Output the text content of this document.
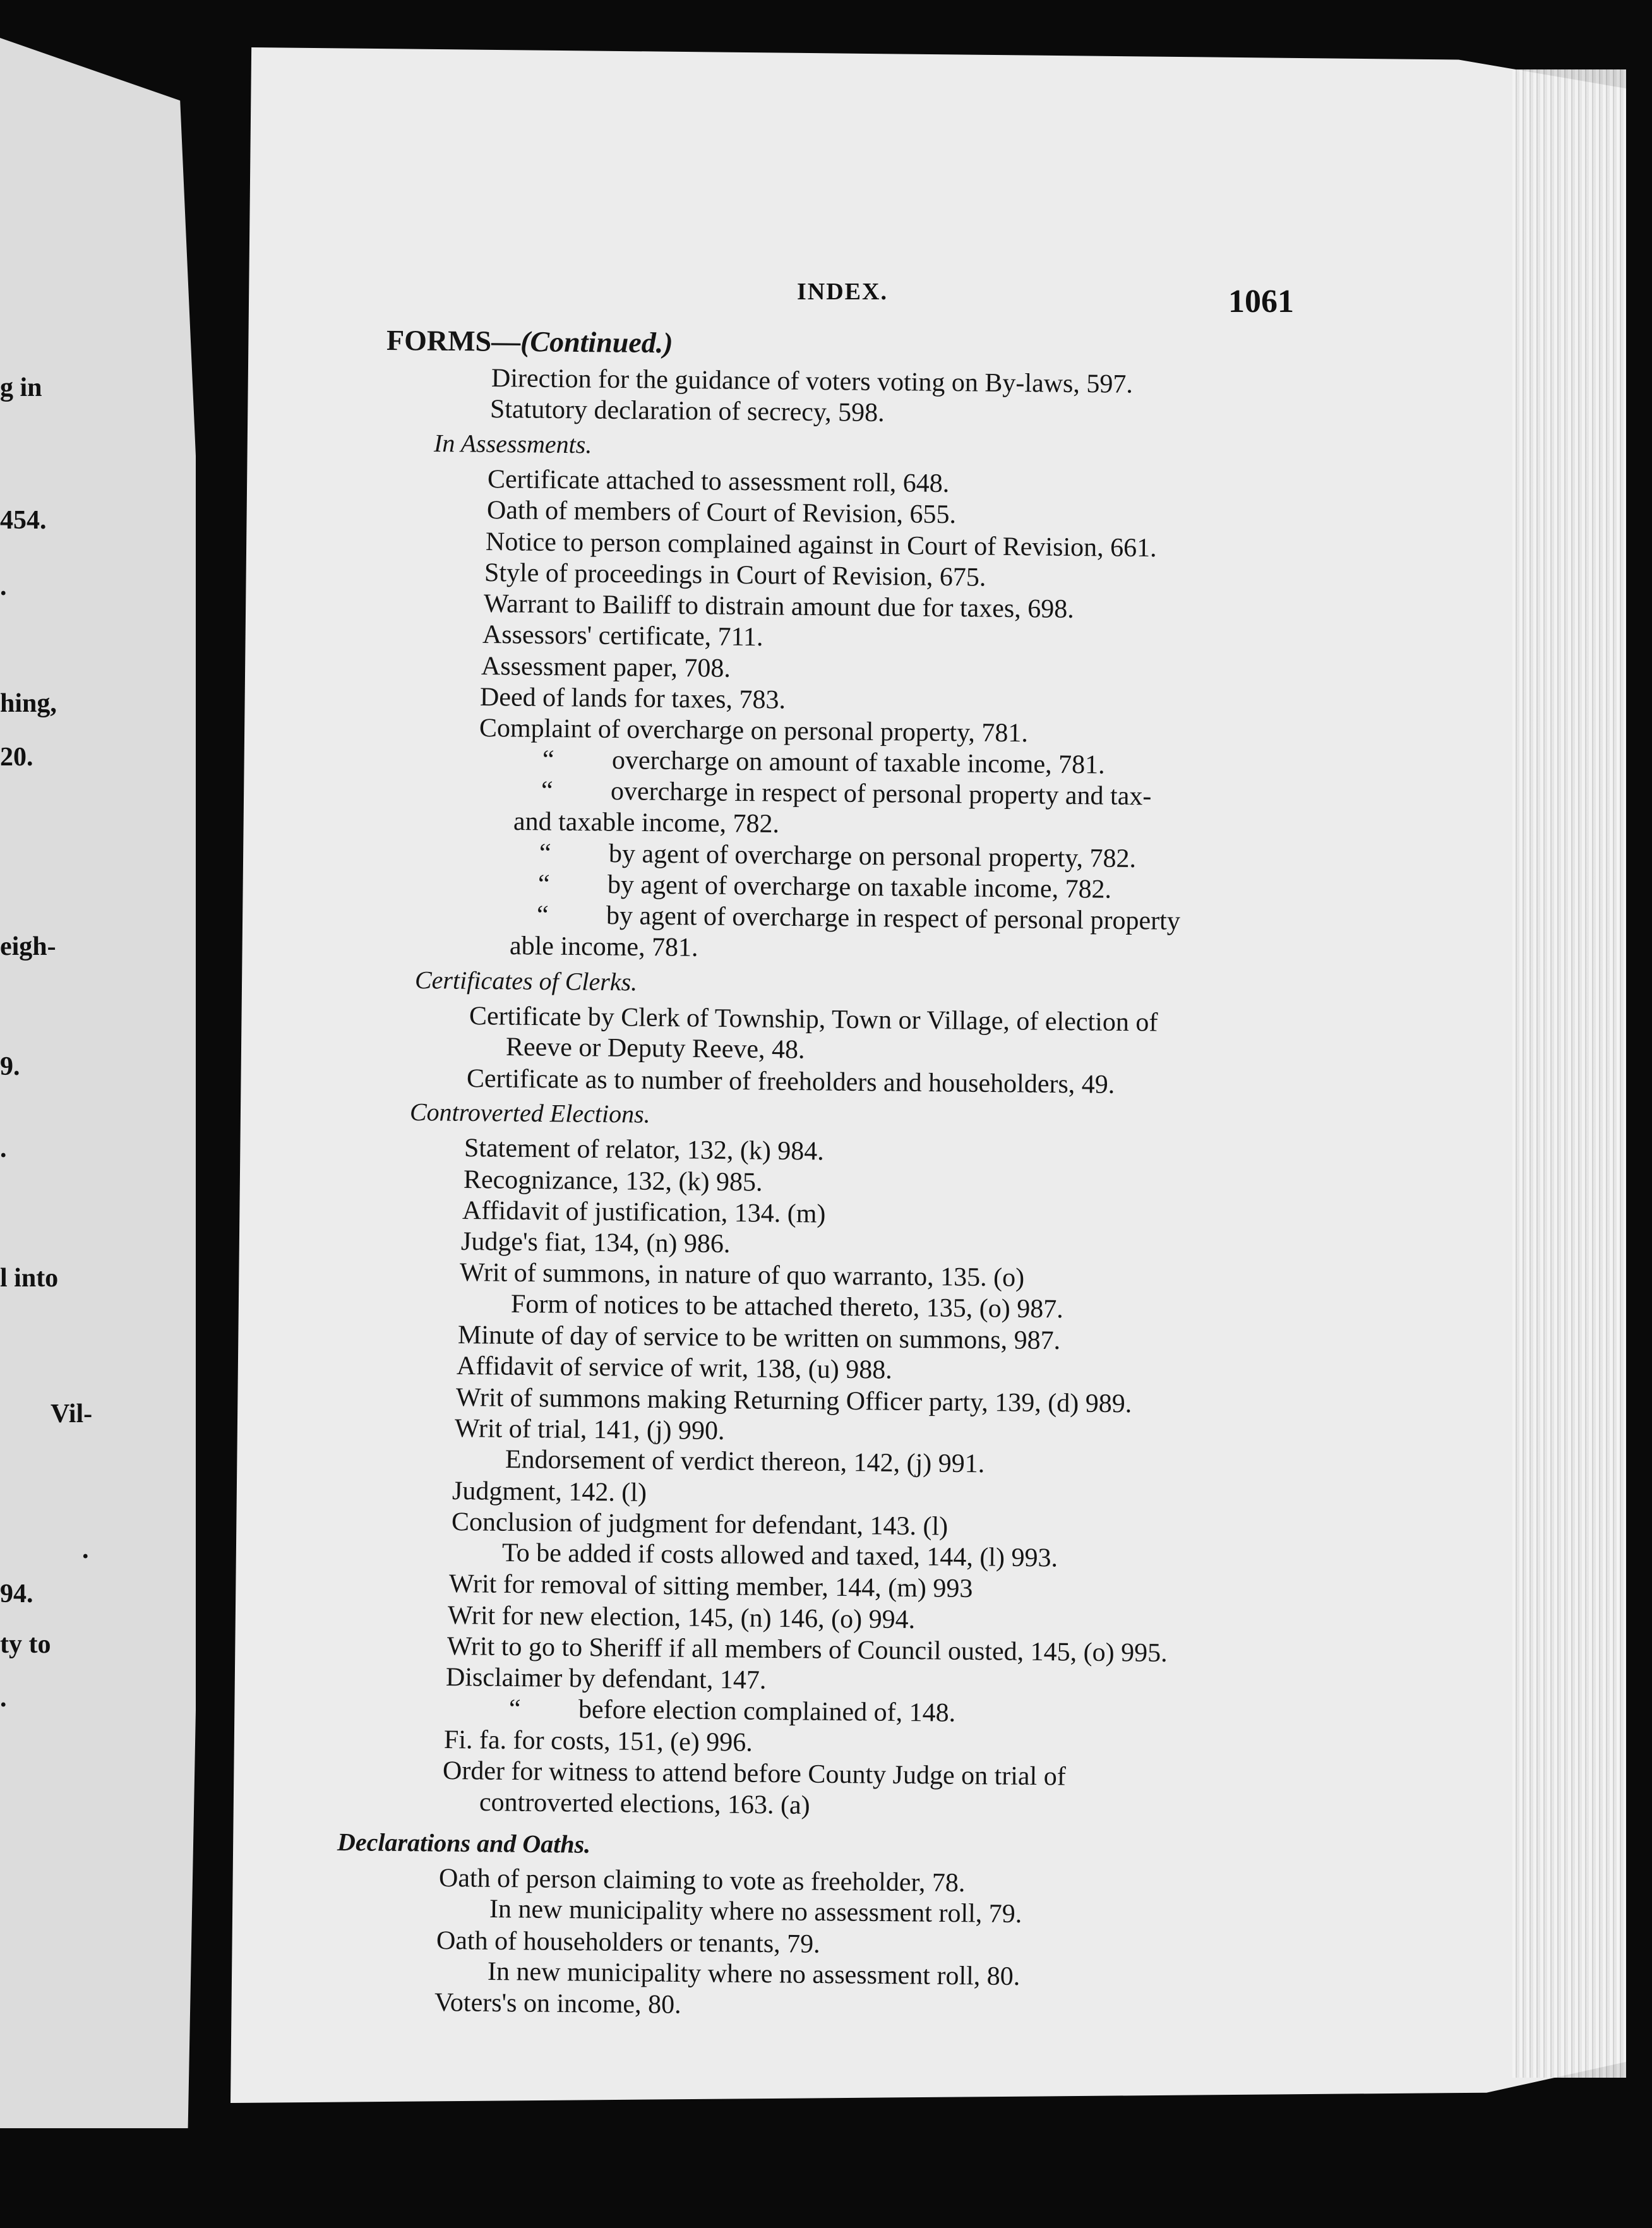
g in
454.
.
hing,
20.
eigh-
9.
.
l into
Vil-
.
94.
ty to
.
INDEX.	1061
FORMS—(Continued.)
Direction for the guidance of voters voting on By-laws, 597.
Statutory declaration of secrecy, 598.
In Assessments.
Certificate attached to assessment roll, 648.
Oath of members of Court of Revision, 655.
Notice to person complained against in Court of Revision, 661.
Style of proceedings in Court of Revision, 675.
Warrant to Bailiff to distrain amount due for taxes, 698.
Assessors' certificate, 711.
Assessment paper, 708.
Deed of lands for taxes, 783.
Complaint of overcharge on personal property, 781.
“ overcharge on amount of taxable income, 781.
“ overcharge in respect of personal property and tax-
and taxable income, 782.
“ by agent of overcharge on personal property, 782.
“ by agent of overcharge on taxable income, 782.
“ by agent of overcharge in respect of personal property
able income, 781.
Certificates of Clerks.
Certificate by Clerk of Township, Town or Village, of election of
Reeve or Deputy Reeve, 48.
Certificate as to number of freeholders and householders, 49.
Controverted Elections.
Statement of relator, 132, (k) 984.
Recognizance, 132, (k) 985.
Affidavit of justification, 134. (m)
Judge's fiat, 134, (n) 986.
Writ of summons, in nature of quo warranto, 135. (o)
Form of notices to be attached thereto, 135, (o) 987.
Minute of day of service to be written on summons, 987.
Affidavit of service of writ, 138, (u) 988.
Writ of summons making Returning Officer party, 139, (d) 989.
Writ of trial, 141, (j) 990.
Endorsement of verdict thereon, 142, (j) 991.
Judgment, 142. (l)
Conclusion of judgment for defendant, 143. (l)
To be added if costs allowed and taxed, 144, (l) 993.
Writ for removal of sitting member, 144, (m) 993
Writ for new election, 145, (n) 146, (o) 994.
Writ to go to Sheriff if all members of Council ousted, 145, (o) 995.
Disclaimer by defendant, 147.
“ before election complained of, 148.
Fi. fa. for costs, 151, (e) 996.
Order for witness to attend before County Judge on trial of
controverted elections, 163. (a)
Declarations and Oaths.
Oath of person claiming to vote as freeholder, 78.
In new municipality where no assessment roll, 79.
Oath of householders or tenants, 79.
In new municipality where no assessment roll, 80.
Voters's on income, 80.
